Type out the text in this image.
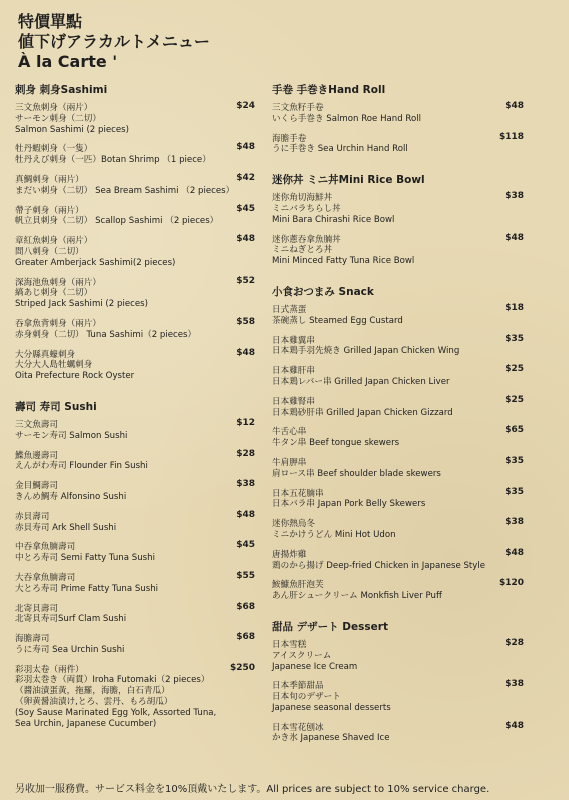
特價單點
値下げアラカルトメニュー
À la Carte '
刺身 刺身Sashimi
三文魚刺身（兩片）
サーモン刺身（二切）
Salmon Sashimi (2 pieces)
$24
牡丹蝦刺身（一隻）
牡丹えび刺身（一匹）Botan Shrimp （1 piece）
$48
真鯛刺身（兩片）
まだい刺身（二切） Sea Bream Sashimi （2 pieces）
$42
帶子刺身（兩片）
帆立貝刺身（二切） Scallop Sashimi （2 pieces）
$45
章紅魚刺身（兩片）
間八刺身（二切）
Greater Amberjack Sashimi(2 pieces)
$48
深海池魚刺身（兩片）
縞あじ刺身（二切）
Striped Jack Sashimi (2 pieces)
$52
吞拿魚背刺身（兩片）
赤身刺身（二切） Tuna Sashimi（2 pieces）
$58
大分縣真蠔刺身
大分大人島牡蠣刺身
Oita Prefecture Rock Oyster
$48
壽司 寿司 Sushi
三文魚壽司
サーモン寿司 Salmon Sushi
$12
鰈魚邊壽司
えんがわ寿司 Flounder Fin Sushi
$28
金目鯛壽司
きんめ鯛寿 Alfonsino Sushi
$38
赤貝壽司
赤貝寿司 Ark Shell Sushi
$48
中吞拿魚腩壽司
中とろ寿司 Semi Fatty Tuna Sushi
$45
大吞拿魚腩壽司
大とろ寿司 Prime Fatty Tuna Sushi
$55
北寄貝壽司
北寄貝寿司Surf Clam Sushi
$68
海膽壽司
うに寿司 Sea Urchin Sushi
$68
彩羽太卷（兩件）
彩羽太巻き（両貫）Iroha Futomaki（2 pieces）
（醬油漬蛋黃，拖羅，海膽，白石青瓜）
（卵黄醤油漬け,とろ、雲丹、もろ胡瓜）
(Soy Sause Marinated Egg Yolk, Assorted Tuna,
Sea Urchin, Japanese Cucumber)
$250
手卷 手巻きHand Roll
三文魚籽手卷
いくら手巻き Salmon Roe Hand Roll
$48
海膽手卷
うに手巻き Sea Urchin Hand Roll
$118
迷你丼 ミニ丼Mini Rice Bowl
迷你角切海鮮丼
ミニバラちらし丼
Mini Bara Chirashi Rice Bowl
$38
迷你蔥吞拿魚腩丼
ミニねぎとろ丼
Mini Minced Fatty Tuna Rice Bowl
$48
小食おつまみ Snack
日式蒸蛋
茶碗蒸し Steamed Egg Custard
$18
日本雞翼串
日本鶏手羽先焼き Grilled Japan Chicken Wing
$35
日本雞肝串
日本鶏レバー串 Grilled Japan Chicken Liver
$25
日本雞腎串
日本鶏砂肝串 Grilled Japan Chicken Gizzard
$25
牛舌心串
牛タン串 Beef tongue skewers
$65
牛肩胛串
肩ロース串 Beef shoulder blade skewers
$35
日本五花腩串
日本バラ串 Japan Pork Belly Skewers
$35
迷你熱烏冬
ミニかけうどん Mini Hot Udon
$38
唐揚炸雞
鶏のから揚げ Deep-fried Chicken in Japanese Style
$48
鮟鱇魚肝泡芙
あん肝シュークリーム Monkfish Liver Puff
$120
甜品 デザート Dessert
日本雪糕
アイスクリーム
Japanese Ice Cream
$28
日本季節甜品
日本旬のデザート
Japanese seasonal desserts
$38
日本雪花刨冰
かき氷 Japanese Shaved Ice
$48
另收加一服務費。サービス料金を10%頂戴いたします。All prices are subject to 10% service charge.
